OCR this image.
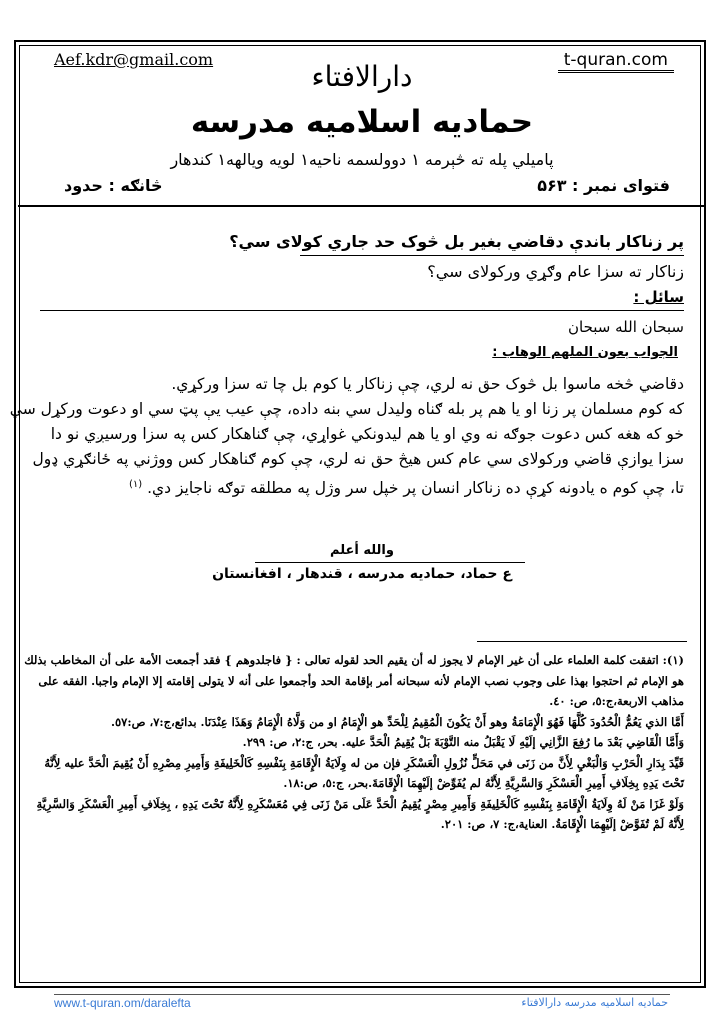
Aef.kdr@gmail.com	t-quran.com
دارالافتاء
حمادیه اسلامیه مدرسه
پاميلي پله ته څېرمه ۱ دوولسمه ناحيه۱ لويه ويالهه۱ كندهار
فتوای نمبر : ۵۶۳
څانګه : حدود
پر زناکار باندې دقاضي بغير بل څوک حد جاري کولای سي؟
زناکار ته سزا عام وګړي ورکولای سي؟
سائل :
سبحان الله سبحان
الجواب بعون الملهم الوهاب :

دقاضي څخه ماسوا بل څوک حق نه لري، چې زناکار يا کوم بل چا ته سزا ورکړي.

که کوم مسلمان پر زنا او يا هم پر بله ګناه وليدل سي بنه داده، چې عيب يې پټ سي او دعوت ورکړل سي

خو که هغه کس دعوت جوګه نه وي او يا هم ليدونکي غواړي، چې ګناهکار کس په سزا ورسيږي نو دا

سزا يوازې قاضي ورکولای سي عام کس هيڅ حق نه لري، چې کوم ګناهکار کس ووژني په ځانګړي ډول

تا، چې کوم ه يادونه کړې ده زناکار انسان پر خپل سر وژل په مطلقه توګه ناجايز دي. $^{(١)}$

والله أعلم
ع حماد، حماديه مدرسه ، قندهار ، افغانستان

(١): اتفقت كلمة العلماء على أن غير الإمام لا يجوز له أن يقيم الحد لقوله تعالى : { فاجلدوهم } فقد أجمعت الأمة على أن المخاطب بذلك

هو الإمام ثم احتجوا بهذا على وجوب نصب الإمام لأنه سبحانه أمر بإقامة الحد وأجمعوا على أنه لا يتولى إقامته إلا الإمام واجبا. الفقه على

مذاهب الاربعة،ج:٥، ص: ٤٠.

أَمَّا الذي يَعُمُّ الْحُدُودَ كُلَّهَا فَهُوَ الْإِمَامَةُ وهو أَنْ يَكُونَ الْمُقِيمُ لِلْحَدِّ هو الْإِمَامُ او من وَلَّاهُ الْإِمَامُ وَهَذَا عِنْدَنَا. بدائع،ج:٧، ص:٥٧.

وَأَمَّا الْقَاضِي بَعْدَ ما رُفِعَ الزَّانِي إلَيْهِ لَا يَقْبَلُ منه التَّوْبَةَ بَلْ يُقِيمُ الْحَدَّ عليه. بحر، ج:٢، ص: ٢٩٩.

قَيِّدَ بِدَارِ الْحَرْبِ وَالْبَغْيِ لِأَنَّ من زَنَى في مَحَلٍّ نُزُولِ الْعَسْكَرِ فإن من له وِلَايَةُ الْإِقَامَةِ بِنَفْسِهِ كَالْخَلِيفَةِ وَأَمِيرِ مِصْرِهِ أَنْ يُقِيمَ الْحَدَّ عليه لِأَنَّهُ

تَحْتَ يَدِهِ بِخِلَافِ أَمِيرِ الْعَسْكَرِ وَالسَّرِيَّةِ لِأَنَّهُ لم يُفَوِّضْ إلَيْهِمَا الْإِقَامَةَ.بحر، ج:٥، ص:١٨.

وَلَوْ غَزَا مَنْ لَهُ وِلَايَةُ الْإِقَامَةِ بِنَفْسِهِ كَالْخَلِيفَةِ وَأَمِيرِ مِصْرٍ يُقِيمُ الْحَدَّ عَلَى مَنْ زَنَى فِي مُعَسْكَرِهِ لِأَنَّهُ تَحْتَ يَدِهِ ، بِخِلَافِ أَمِيرِ الْعَسْكَرِ وَالسَّرِيَّةِ

لِأَنَّهُ لَمْ تُفَوَّضْ إلَيْهِمَا الْإِقَامَةُ. العناية،ج: ٧، ص: ٢٠١.

www.t-quran.om/daralefta	حماديه اسلاميه مدرسه دارالافتاء
